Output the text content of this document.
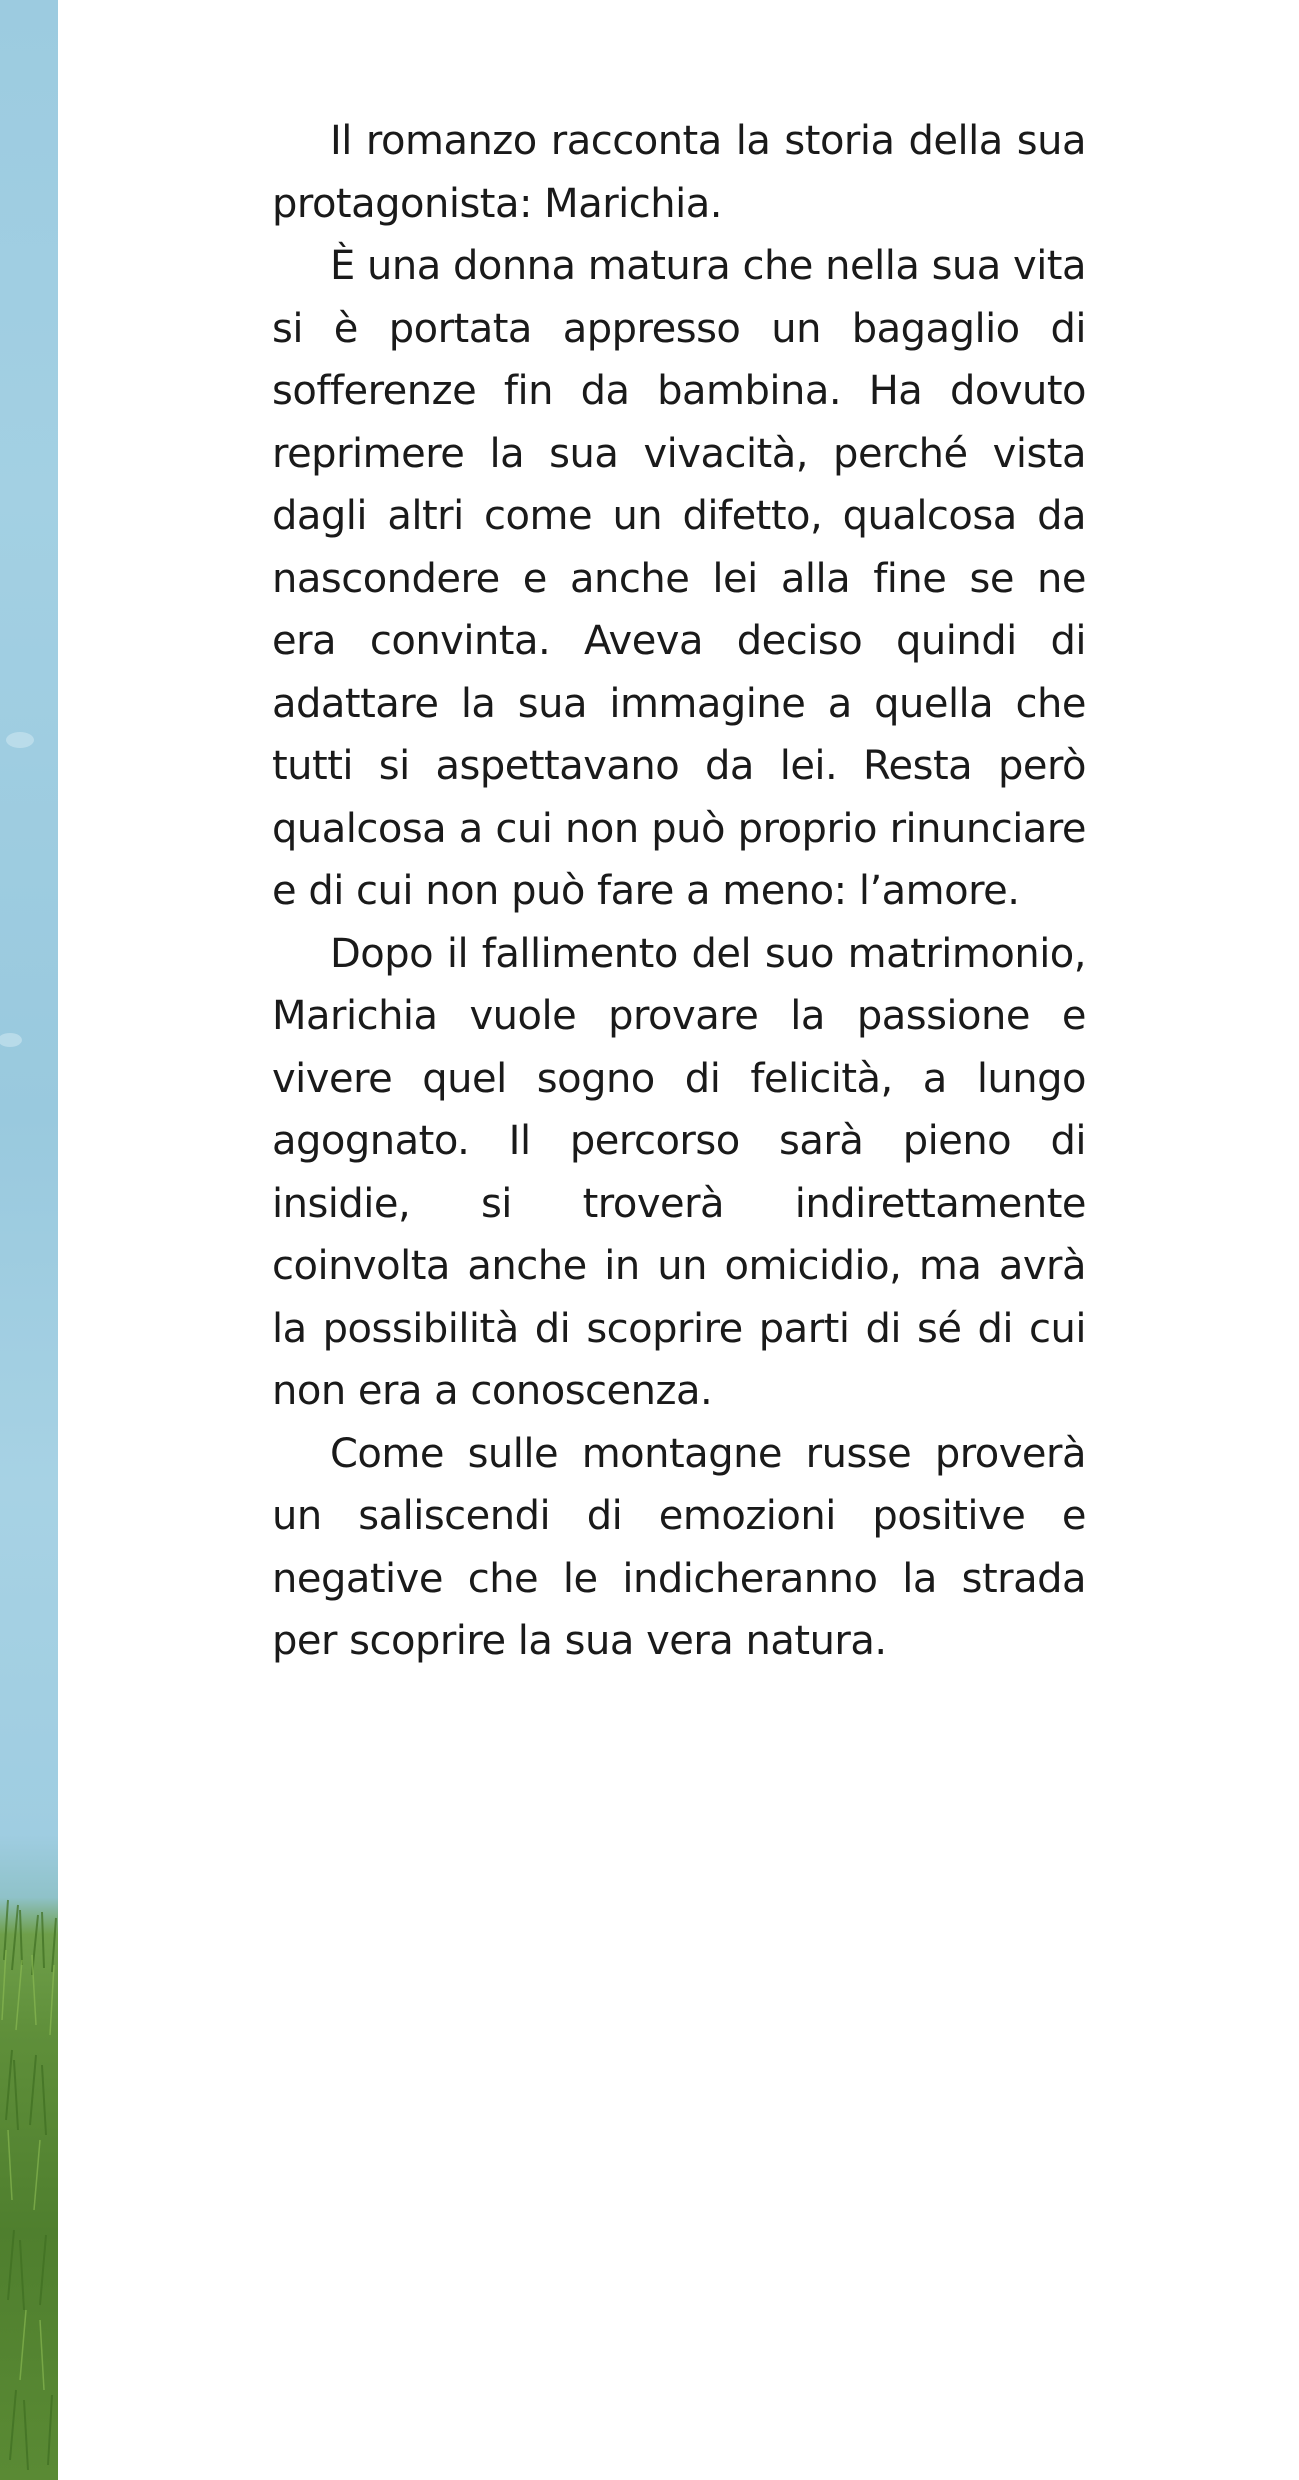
Il romanzo racconta la storia della sua protagonista: Marichia.

È una donna matura che nella sua vita si è portata appresso un bagaglio di sofferenze fin da bambina. Ha dovuto reprimere la sua vivacità, perché vista dagli altri come un difetto, qualcosa da nascondere e anche lei alla fine se ne era convinta. Aveva deciso quindi di adattare la sua immagine a quella che tutti si aspettavano da lei. Resta però qualcosa a cui non può proprio rinunciare e di cui non può fare a meno: l’amore.

Dopo il fallimento del suo matrimonio, Marichia vuole provare la passione e vivere quel sogno di felicità, a lungo agognato. Il percorso sarà pieno di insidie, si troverà indirettamente coinvolta anche in un omicidio, ma avrà la possibilità di scoprire parti di sé di cui non era a conoscenza.

Come sulle montagne russe proverà un saliscendi di emozioni positive e negative che le indicheranno la strada per scoprire la sua vera natura.
